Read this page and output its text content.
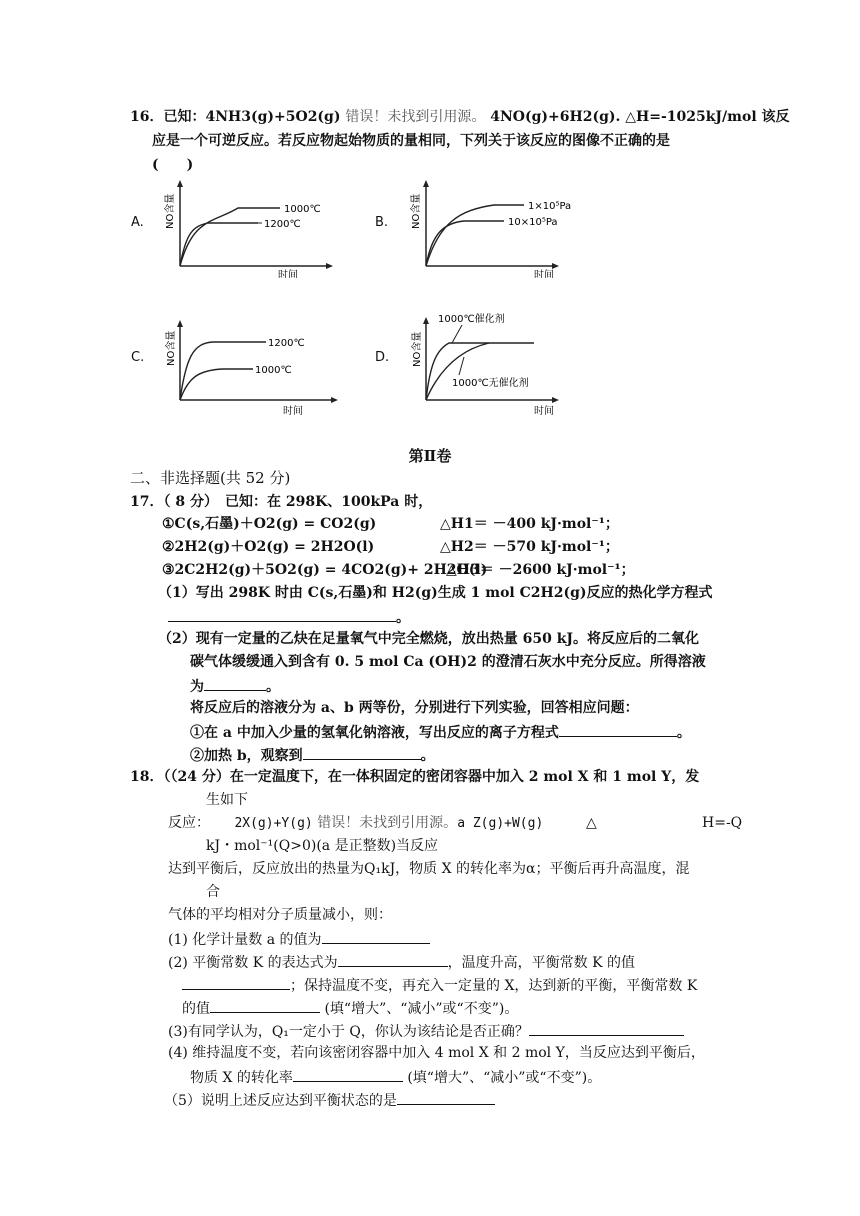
16．已知：4NH3(g)+5O2(g) 错误！未找到引用源。 4NO(g)+6H2(g). △H=-1025kJ/mol 该反
应是一个可逆反应。若反应物起始物质的量相同，下列关于该反应的图像不正确的是
(　　)
A. NO含量
时间
1000℃
1200℃	B. NO含量
时间
1×10⁵Pa
10×10⁵Pa
C. NO含量
时间
1200℃
1000℃
D. NO含量
时间
1000℃催化剂
1000℃无催化剂
第Ⅱ卷
二、非选择题(共 52 分)
17．（ 8 分）　已知：在 298K、100kPa 时，
①C(s,石墨)＋O2(g) = CO2(g)	△H1＝ －400 kJ·mol⁻¹；
②2H2(g)＋O2(g) = 2H2O(l)	△H2＝ －570 kJ·mol⁻¹；
③2C2H2(g)＋5O2(g) = 4CO2(g)+ 2H2O(l)
△H3＝ －2600 kJ·mol⁻¹；
（1）写出 298K 时由 C(s,石墨)和 H2(g)生成 1 mol C2H2(g)反应的热化学方程式
。
（2）现有一定量的乙炔在足量氧气中完全燃烧，放出热量 650 kJ。将反应后的二氧化
碳气体缓缓通入到含有 0. 5 mol Ca (OH)2 的澄清石灰水中充分反应。所得溶液
为	。
将反应后的溶液分为 a、b 两等份，分别进行下列实验，回答相应问题：
①在 a 中加入少量的氢氧化钠溶液，写出反应的离子方程式	。
②加热 b，观察到	。
18．（（24 分）在一定温度下，在一体积固定的密闭容器中加入 2 mol X 和 1 mol Y，发
生如下
反应： 2X(g)+Y(g) 错误！未找到引用源。a Z(g)+W(g)	△	H=-Q
kJ・mol⁻¹(Q>0)(a 是正整数)当反应
达到平衡后，反应放出的热量为Q₁kJ，物质 X 的转化率为α；平衡后再升高温度，混
合
气体的平均相对分子质量减小，则：
(1) 化学计量数 a 的值为
(2) 平衡常数 K 的表达式为	，温度升高，平衡常数 K 的值
；保持温度不变，再充入一定量的 X，达到新的平衡，平衡常数 K
的值	(填“增大”、“减小”或“不变”)。
(3)有同学认为，Q₁一定小于 Q，你认为该结论是否正确？
(4) 维持温度不变，若向该密闭容器中加入 4 mol X 和 2 mol Y，当反应达到平衡后，
物质 X 的转化率	(填“增大”、“减小”或“不变”)。
（5）说明上述反应达到平衡状态的是
